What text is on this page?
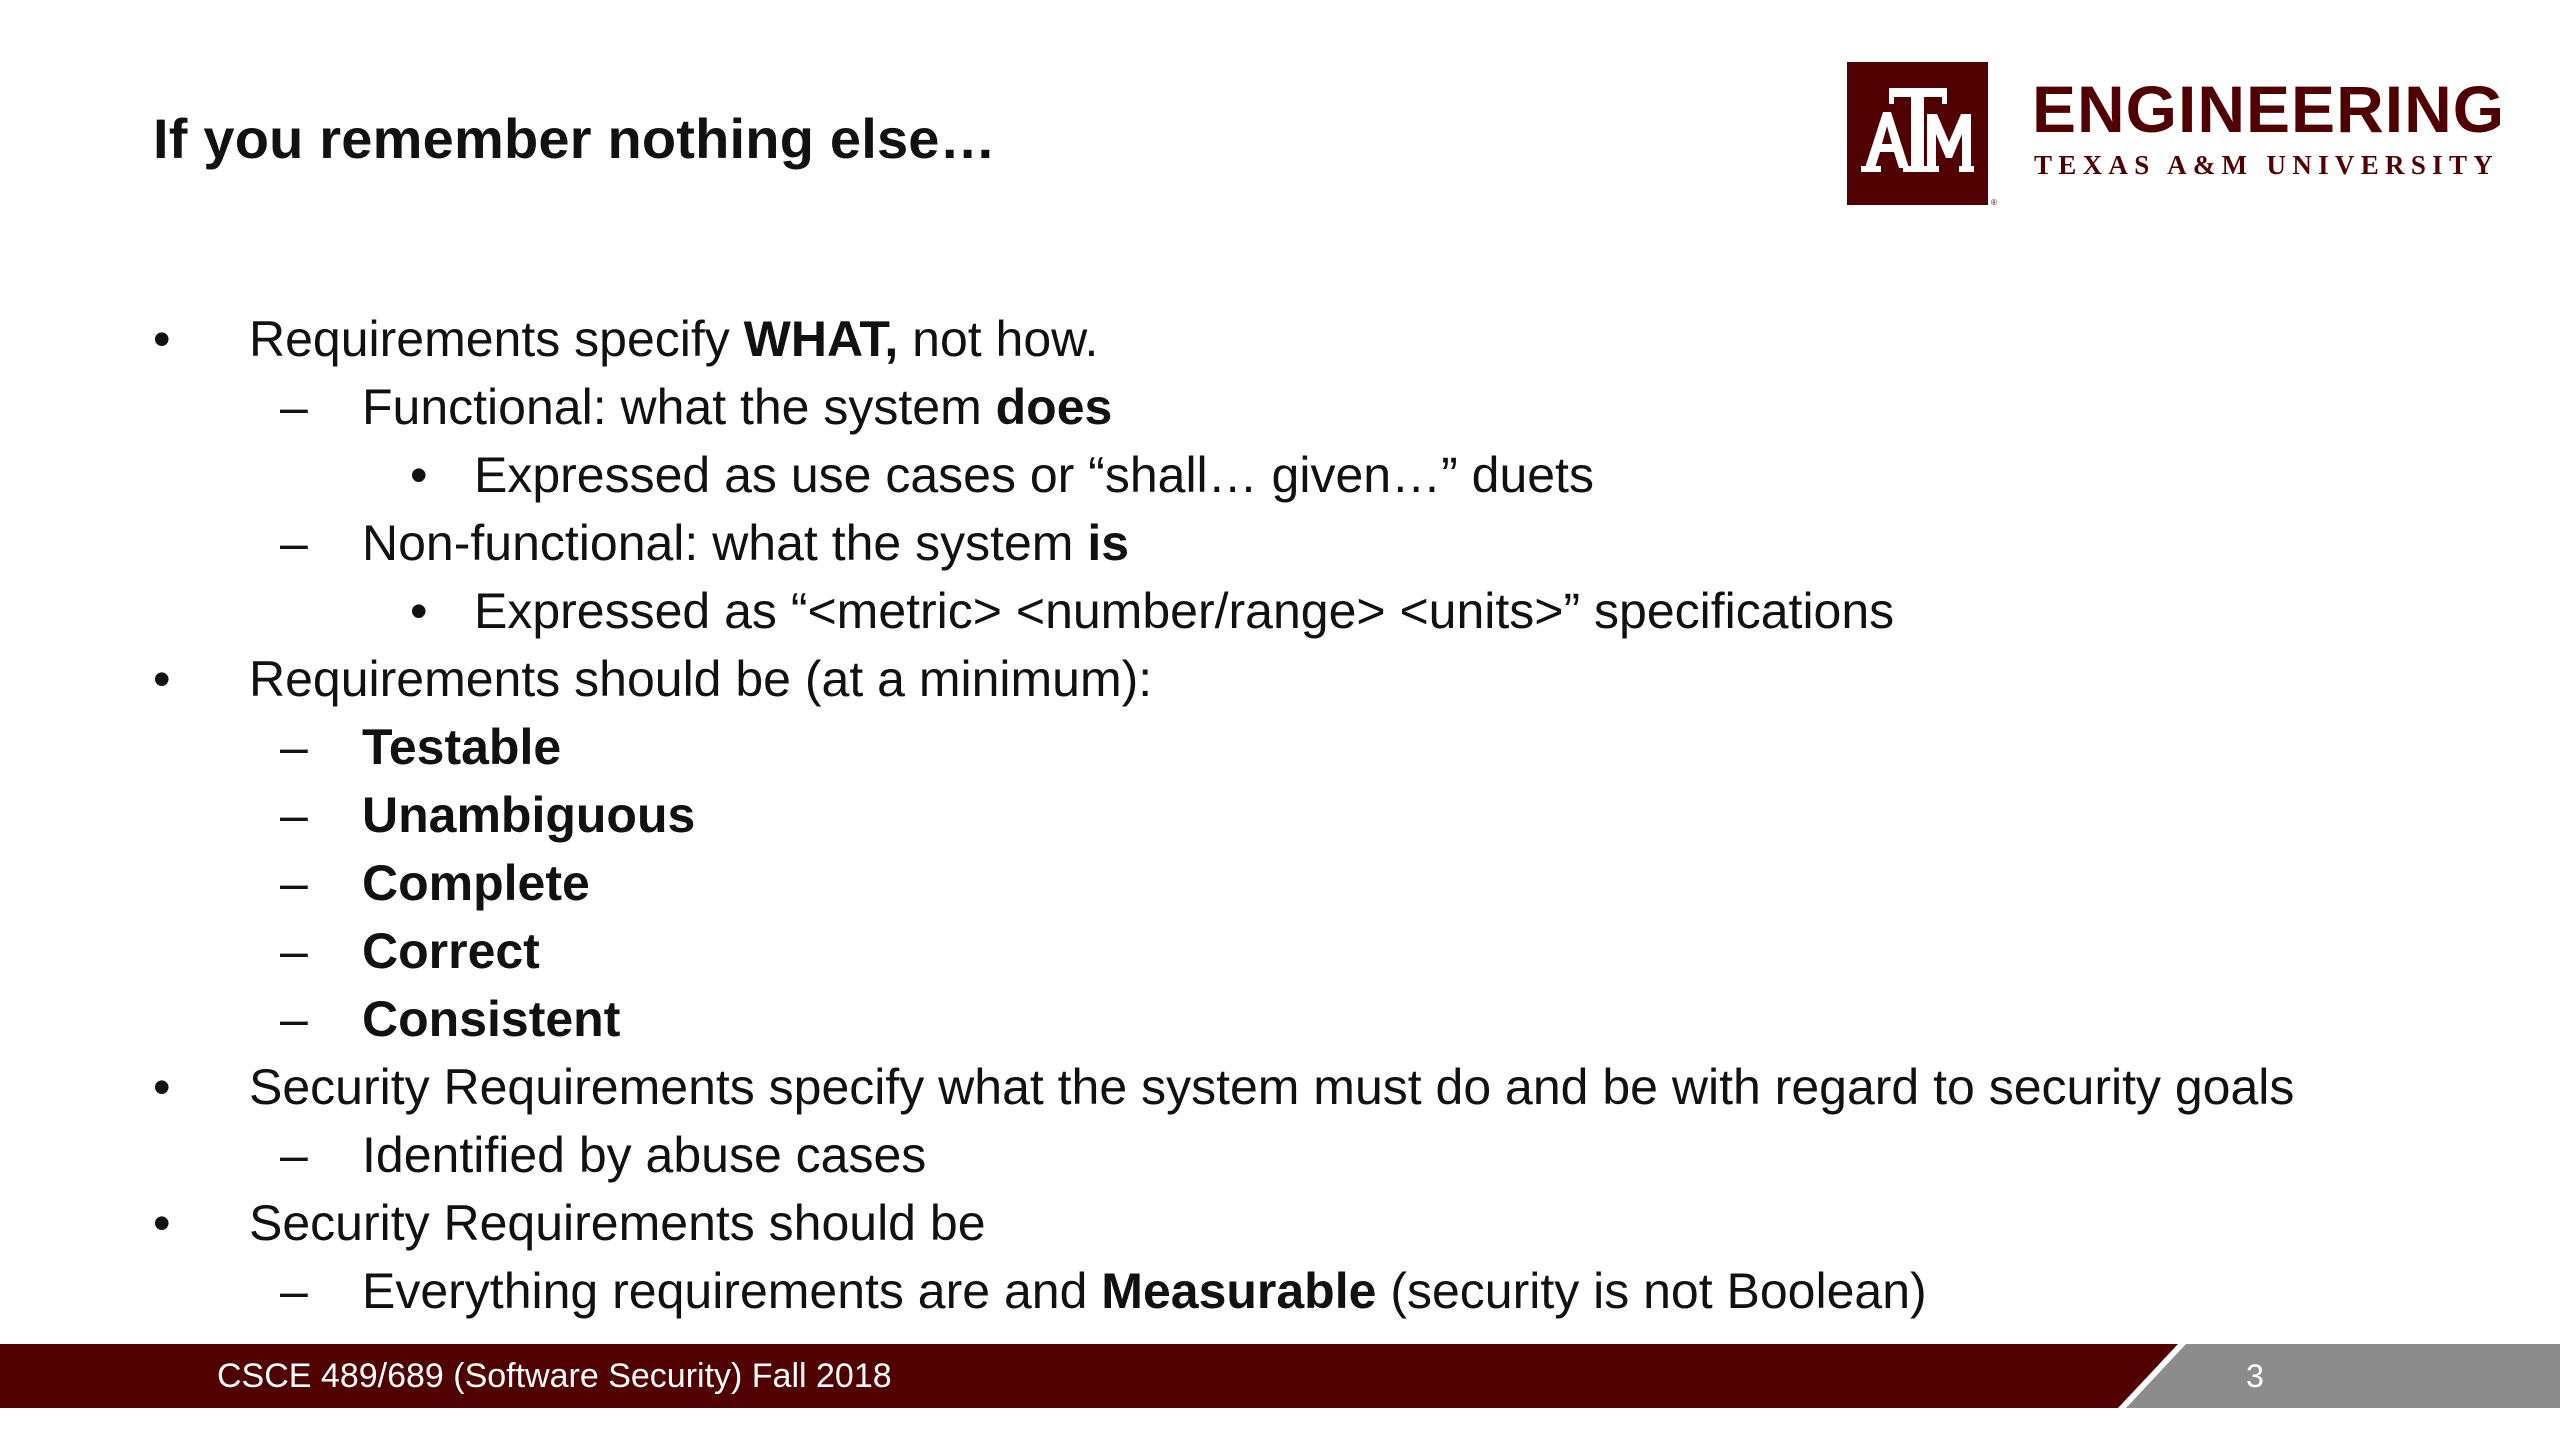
If you remember nothing else…
®
ENGINEERING
TEXAS A&M UNIVERSITY
• Requirements specify WHAT, not how.
– Functional: what the system does
• Expressed as use cases or “shall… given…” duets
– Non-functional: what the system is
• Expressed as “<metric> <number/range> <units>” specifications
• Requirements should be (at a minimum):
– Testable
– Unambiguous
– Complete
– Correct
– Consistent
• Security Requirements specify what the system must do and be with regard to security goals
– Identified by abuse cases
• Security Requirements should be
– Everything requirements are and Measurable (security is not Boolean)
CSCE 489/689 (Software Security) Fall 2018	3
